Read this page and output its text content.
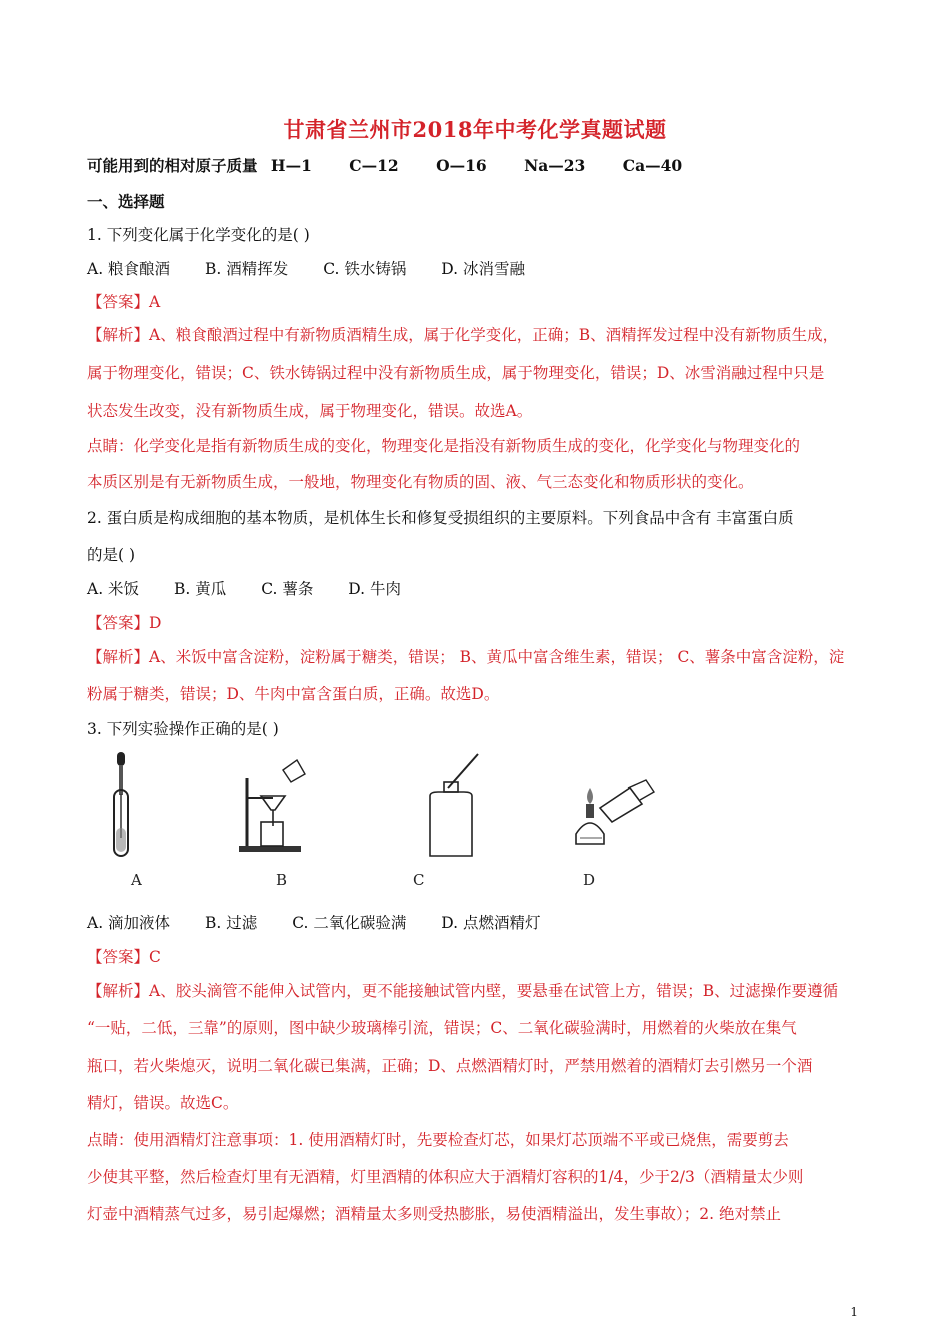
甘肃省兰州市2018年中考化学真题试题
可能用到的相对原子质量 H—1 C—12 O—16 Na—23 Ca—40
一、选择题
1. 下列变化属于化学变化的是( )
A. 粮食酿酒 B. 酒精挥发 C. 铁水铸锅 D. 冰消雪融
【答案】A
【解析】A、粮食酿酒过程中有新物质酒精生成，属于化学变化，正确；B、酒精挥发过程中没有新物质生成，
属于物理变化，错误；C、铁水铸锅过程中没有新物质生成，属于物理变化，错误；D、冰雪消融过程中只是
状态发生改变，没有新物质生成，属于物理变化，错误。故选A。
点睛：化学变化是指有新物质生成的变化，物理变化是指没有新物质生成的变化，化学变化与物理变化的
本质区别是有无新物质生成，一般地，物理变化有物质的固、液、气三态变化和物质形状的变化。
2. 蛋白质是构成细胞的基本物质，是机体生长和修复受损组织的主要原料。下列食品中含有 丰富蛋白质
的是( )
A. 米饭 B. 黄瓜 C. 薯条 D. 牛肉
【答案】D
【解析】A、米饭中富含淀粉，淀粉属于糖类，错误； B、黄瓜中富含维生素，错误； C、薯条中富含淀粉，淀
粉属于糖类，错误；D、牛肉中富含蛋白质，正确。故选D。
3. 下列实验操作正确的是( )
A	B	C	D
A. 滴加液体 B. 过滤 C. 二氧化碳验满 D. 点燃酒精灯
【答案】C
【解析】A、胶头滴管不能伸入试管内，更不能接触试管内壁，要悬垂在试管上方，错误；B、过滤操作要遵循
“一贴，二低，三靠”的原则，图中缺少玻璃棒引流，错误；C、二氧化碳验满时，用燃着的火柴放在集气
瓶口，若火柴熄灭，说明二氧化碳已集满，正确；D、点燃酒精灯时，严禁用燃着的酒精灯去引燃另一个酒
精灯，错误。故选C。
点睛：使用酒精灯注意事项：1. 使用酒精灯时，先要检查灯芯，如果灯芯顶端不平或已烧焦，需要剪去
少使其平整，然后检查灯里有无酒精，灯里酒精的体积应大于酒精灯容积的1/4，少于2/3（酒精量太少则
灯壶中酒精蒸气过多，易引起爆燃；酒精量太多则受热膨胀，易使酒精溢出，发生事故）；2. 绝对禁止
1
